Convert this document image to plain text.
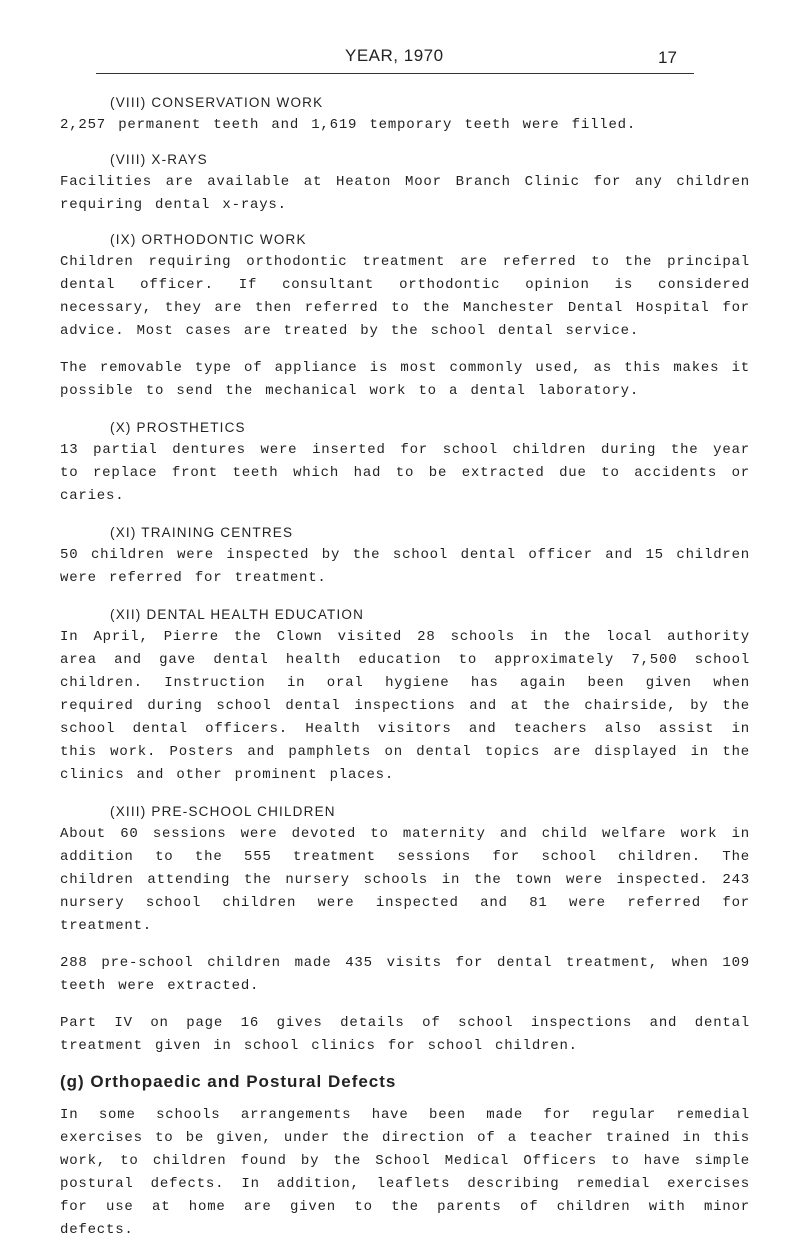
YEAR, 1970	17
(VIII) CONSERVATION WORK

2,257 permanent teeth and 1,619 temporary teeth were filled.

(VIII) X-RAYS

Facilities are available at Heaton Moor Branch Clinic for any children requiring dental x-rays.

(IX) ORTHODONTIC WORK

Children requiring orthodontic treatment are referred to the principal dental officer. If consultant orthodontic opinion is considered necessary, they are then referred to the Manchester Dental Hospital for advice. Most cases are treated by the school dental service.

The removable type of appliance is most commonly used, as this makes it possible to send the mechanical work to a dental laboratory.

(X) PROSTHETICS

13 partial dentures were inserted for school children during the year to replace front teeth which had to be extracted due to accidents or caries.

(XI) TRAINING CENTRES

50 children were inspected by the school dental officer and 15 children were referred for treatment.

(XII) DENTAL HEALTH EDUCATION

In April, Pierre the Clown visited 28 schools in the local authority area and gave dental health education to approximately 7,500 school children. Instruction in oral hygiene has again been given when required during school dental inspections and at the chairside, by the school dental officers. Health visitors and teachers also assist in this work. Posters and pamphlets on dental topics are displayed in the clinics and other prominent places.

(XIII) PRE-SCHOOL CHILDREN

About 60 sessions were devoted to maternity and child welfare work in addition to the 555 treatment sessions for school children. The children attending the nursery schools in the town were inspected. 243 nursery school children were inspected and 81 were referred for treatment.

288 pre-school children made 435 visits for dental treatment, when 109 teeth were extracted.

Part IV on page 16 gives details of school inspections and dental treatment given in school clinics for school children.

(g) Orthopaedic and Postural Defects

In some schools arrangements have been made for regular remedial exercises to be given, under the direction of a teacher trained in this work, to children found by the School Medical Officers to have simple postural defects. In addition, leaflets describing remedial exercises for use at home are given to the parents of children with minor defects.
